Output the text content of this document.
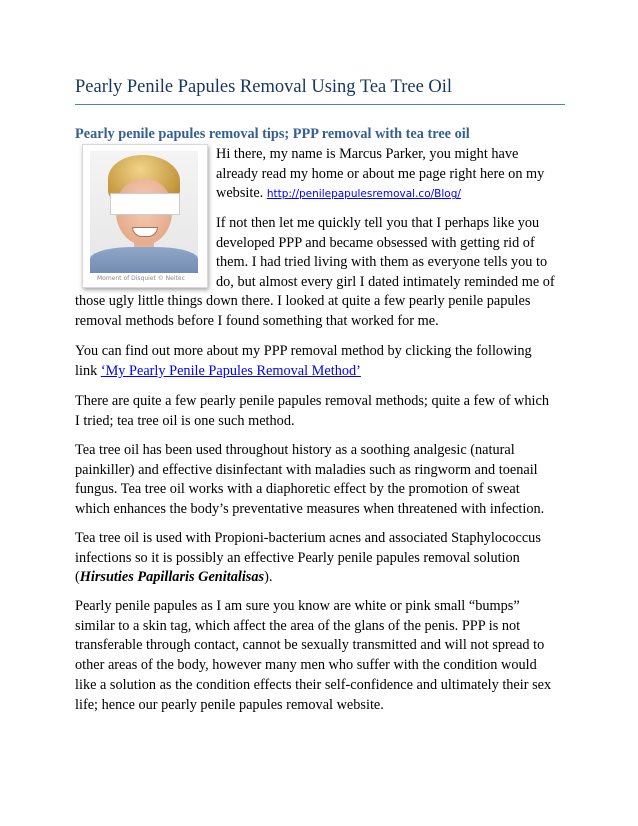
Pearly Penile Papules Removal Using Tea Tree Oil
Pearly penile papules removal tips; PPP removal with tea tree oil
Moment of Disquiet © Neitec

Hi there, my name is Marcus Parker, you might have
already read my home or about me page right here on my
website. http://penilepapulesremoval.co/Blog/

If not then let me quickly tell you that I perhaps like you
developed PPP and became obsessed with getting rid of
them. I had tried living with them as everyone tells you to
do, but almost every girl I dated intimately reminded me of

those ugly little things down there. I looked at quite a few pearly penile papules
removal methods before I found something that worked for me.

You can find out more about my PPP removal method by clicking the following
link ‘My Pearly Penile Papules Removal Method’

There are quite a few pearly penile papules removal methods; quite a few of which
I tried; tea tree oil is one such method.

Tea tree oil has been used throughout history as a soothing analgesic (natural
painkiller) and effective disinfectant with maladies such as ringworm and toenail
fungus. Tea tree oil works with a diaphoretic effect by the promotion of sweat
which enhances the body’s preventative measures when threatened with infection.

Tea tree oil is used with Propioni-bacterium acnes and associated Staphylococcus
infections so it is possibly an effective Pearly penile papules removal solution
(Hirsuties Papillaris Genitalisas).

Pearly penile papules as I am sure you know are white or pink small “bumps”
similar to a skin tag, which affect the area of the glans of the penis. PPP is not
transferable through contact, cannot be sexually transmitted and will not spread to
other areas of the body, however many men who suffer with the condition would
like a solution as the condition effects their self-confidence and ultimately their sex
life; hence our pearly penile papules removal website.
